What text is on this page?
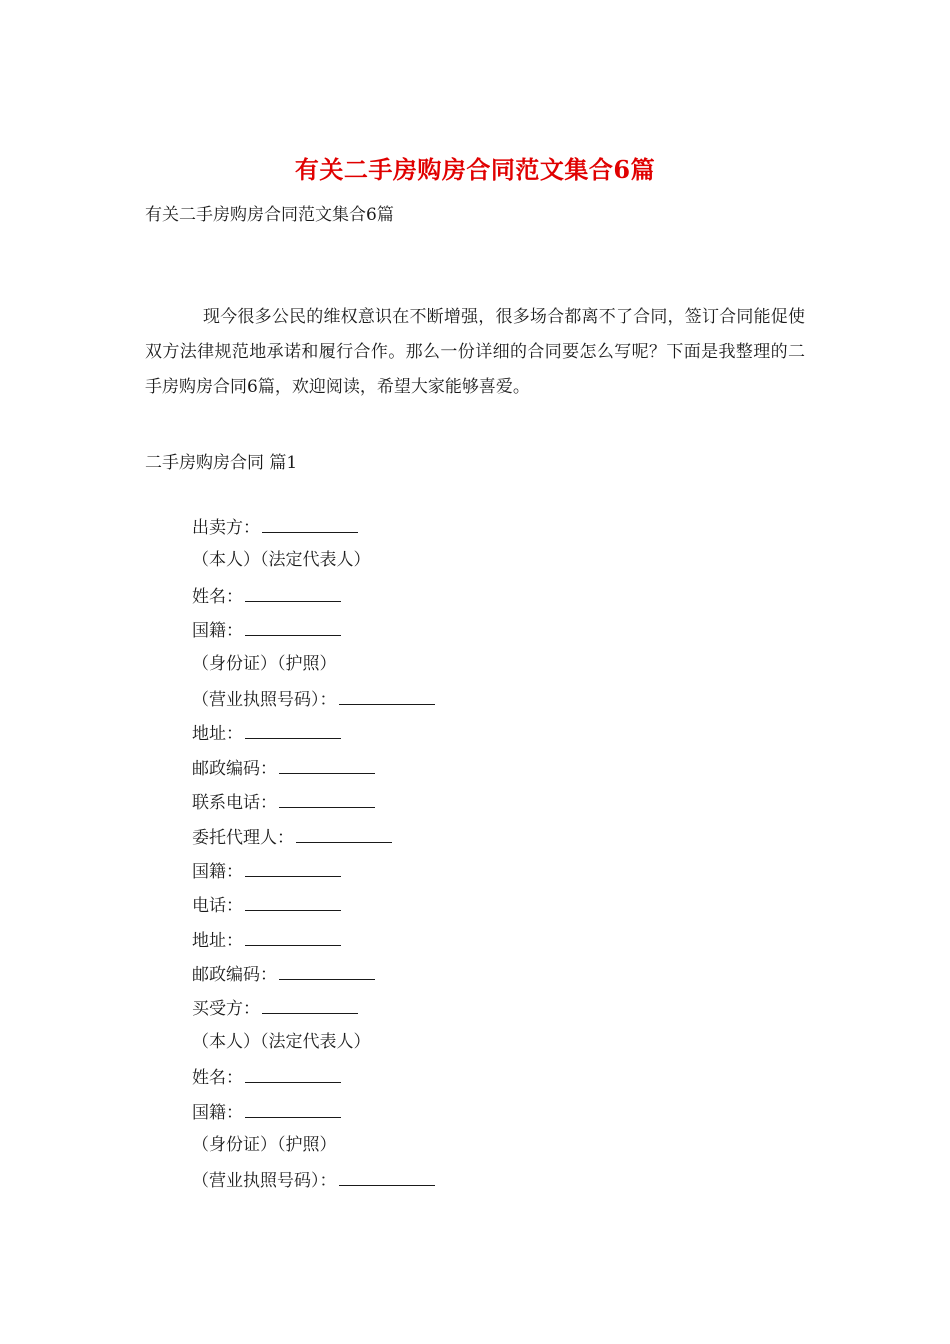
有关二手房购房合同范文集合6篇
有关二手房购房合同范文集合6篇

现今很多公民的维权意识在不断增强，很多场合都离不了合同，签订合同能促使双方法律规范地承诺和履行合作。那么一份详细的合同要怎么写呢？下面是我整理的二手房购房合同6篇，欢迎阅读，希望大家能够喜爱。

二手房购房合同 篇1
出卖方：
（本人）（法定代表人）
姓名：
国籍：
（身份证）（护照）
（营业执照号码）：
地址：
邮政编码：
联系电话：
委托代理人：
国籍：
电话：
地址：
邮政编码：
买受方：
（本人）（法定代表人）
姓名：
国籍：
（身份证）（护照）
（营业执照号码）：
